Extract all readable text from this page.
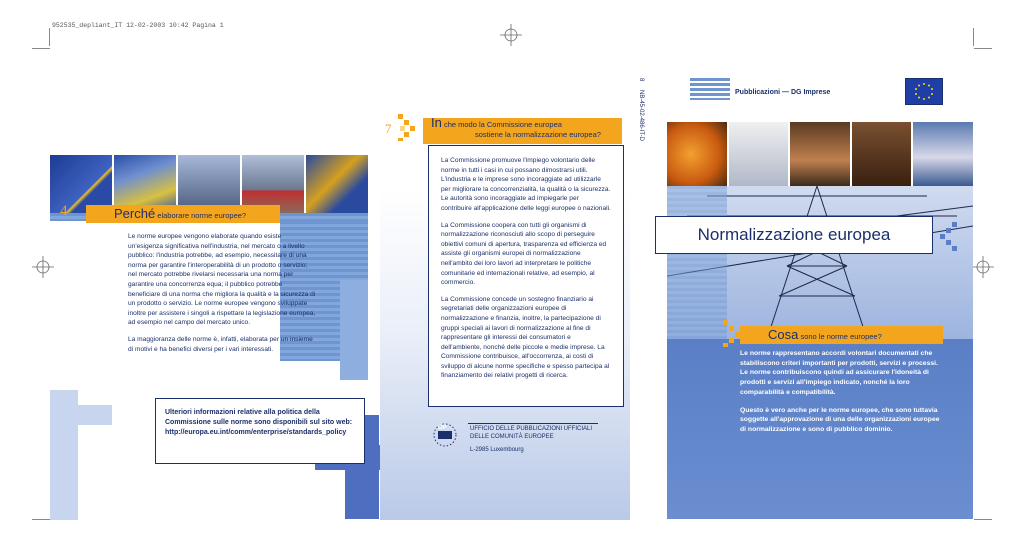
952535_depliant_IT 12-02-2003 10:42 Pagina 1
4	Perché elaborare norme europee?

Le norme europee vengono elaborate quando esiste un'esigenza significativa nell'industria, nel mercato o a livello pubblico: l'industria potrebbe, ad esempio, necessitare di una norma per garantire l'interoperabilità di un prodotto o servizio; nel mercato potrebbe rivelarsi necessaria una norma per garantire una concorrenza equa; il pubblico potrebbe beneficiare di una norma che migliora la qualità e la sicurezza di un prodotto o servizio. Le norme europee vengono sviluppate inoltre per assistere i singoli a rispettare la legislazione europea, ad esempio nel campo del mercato unico.

La maggioranza delle norme è, infatti, elaborata per un insieme di motivi e ha benefici diversi per i vari interessati.

Ulteriori informazioni relative alla politica della
Commissione sulle norme sono disponibili sul sito web:
http://europa.eu.int/comm/enterprise/standards_policy
7	In che modo la Commissione europea
sostiene la normalizzazione europea?

La Commissione promuove l'impiego volontario delle norme in tutti i casi in cui possano dimostrarsi utili. L'industria e le imprese sono incoraggiate ad utilizzarle per migliorare la concorrenzialità, la qualità o la sicurezza. Le autorità sono incoraggiate ad impiegarle per contribuire all'applicazione delle leggi europee o nazionali.

La Commissione coopera con tutti gli organismi di normalizzazione riconosciuti allo scopo di perseguire obiettivi comuni di apertura, trasparenza ed efficienza ed assiste gli organismi europei di normalizzazione nell'ambito dei loro lavori ad interpretare le politiche comunitarie ed internazionali relative, ad esempio, al commercio.

La Commissione concede un sostegno finanziario ai segretariati delle organizzazioni europee di normalizzazione e finanzia, inoltre, la partecipazione di gruppi speciali ai lavori di normalizzazione al fine di rappresentare gli interessi dei consumatori e dell'ambiente, nonché delle piccole e medie imprese. La Commissione contribuisce, all'occorrenza, ai costi di sviluppo di alcune norme specifiche e spesso partecipa al finanziamento dei relativi progetti di ricerca.

8
NB-45-02-486-IT-D
OP	UFFICIO DELLE PUBBLICAZIONI UFFICIALI
DELLE COMUNITÀ EUROPEE
L-2985 Luxembourg
Pubblicazioni — DG Imprese
Normalizzazione europea
Cosa sono le norme europee?

Le norme rappresentano accordi volontari documentati che stabiliscono criteri importanti per prodotti, servizi e processi. Le norme contribuiscono quindi ad assicurare l'idoneità di prodotti e servizi all'impiego indicato, nonché la loro comparabilità e compatibilità.

Questo è vero anche per le norme europee, che sono tuttavia soggette all'approvazione di una delle organizzazioni europee di normalizzazione e sono di pubblico dominio.
